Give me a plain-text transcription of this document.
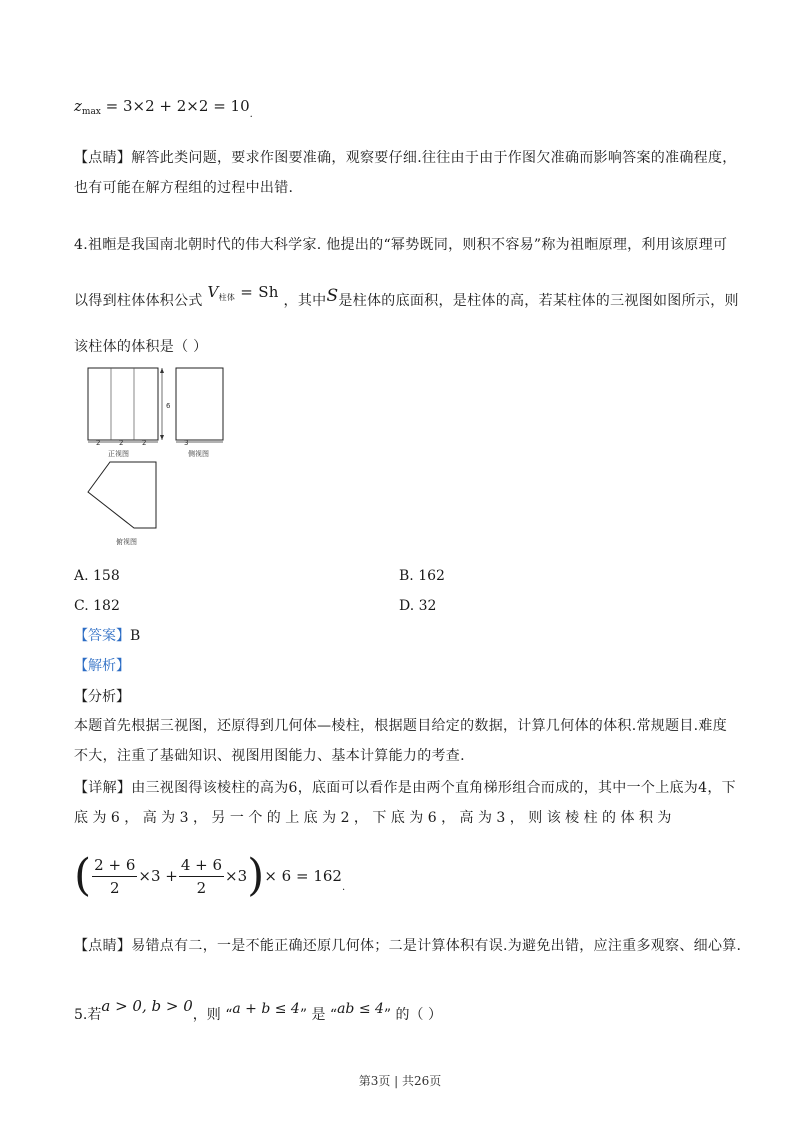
$z_{max} = 3\times 2 + 2\times 2 = 10_.$
【点睛】解答此类问题，要求作图要准确，观察要仔细.往往由于由于作图欠准确而影响答案的准确程度，
也有可能在解方程组的过程中出错.
4.祖暅是我国南北朝时代的伟大科学家. 他提出的“幂势既同，则积不容易”称为祖暅原理，利用该原理可
以得到柱体体积公式 $V_{柱体} = Sh$ ，其中S是柱体的底面积，是柱体的高，若某柱体的三视图如图所示，则
该柱体的体积是（ ）
6
2	2	2
正视图
3
侧视图
俯视图
A. 158	B. 162
C. 182	D. 32
【答案】B
【解析】
【分析】
本题首先根据三视图，还原得到几何体—棱柱，根据题目给定的数据，计算几何体的体积.常规题目.难度
不大，注重了基础知识、视图用图能力、基本计算能力的考查.
【详解】由三视图得该棱柱的高为6，底面可以看作是由两个直角梯形组合而成的，其中一个上底为4，下
底 为 6 ， 高 为 3 ， 另 一 个 的 上 底 为 2 ， 下 底 为 6 ， 高 为 3 ， 则 该 棱 柱 的 体 积 为
( $\frac{2 + 6}{2} \times 3 + \frac{4 + 6}{2} \times 3)\times 6 = 162_.$
【点睛】易错点有二，一是不能正确还原几何体；二是计算体积有误.为避免出错，应注重多观察、细心算.
5.若a > 0, b > 0，则 “a + b ≤ 4” 是 “ab ≤ 4” 的（ ）
第3页 | 共26页
